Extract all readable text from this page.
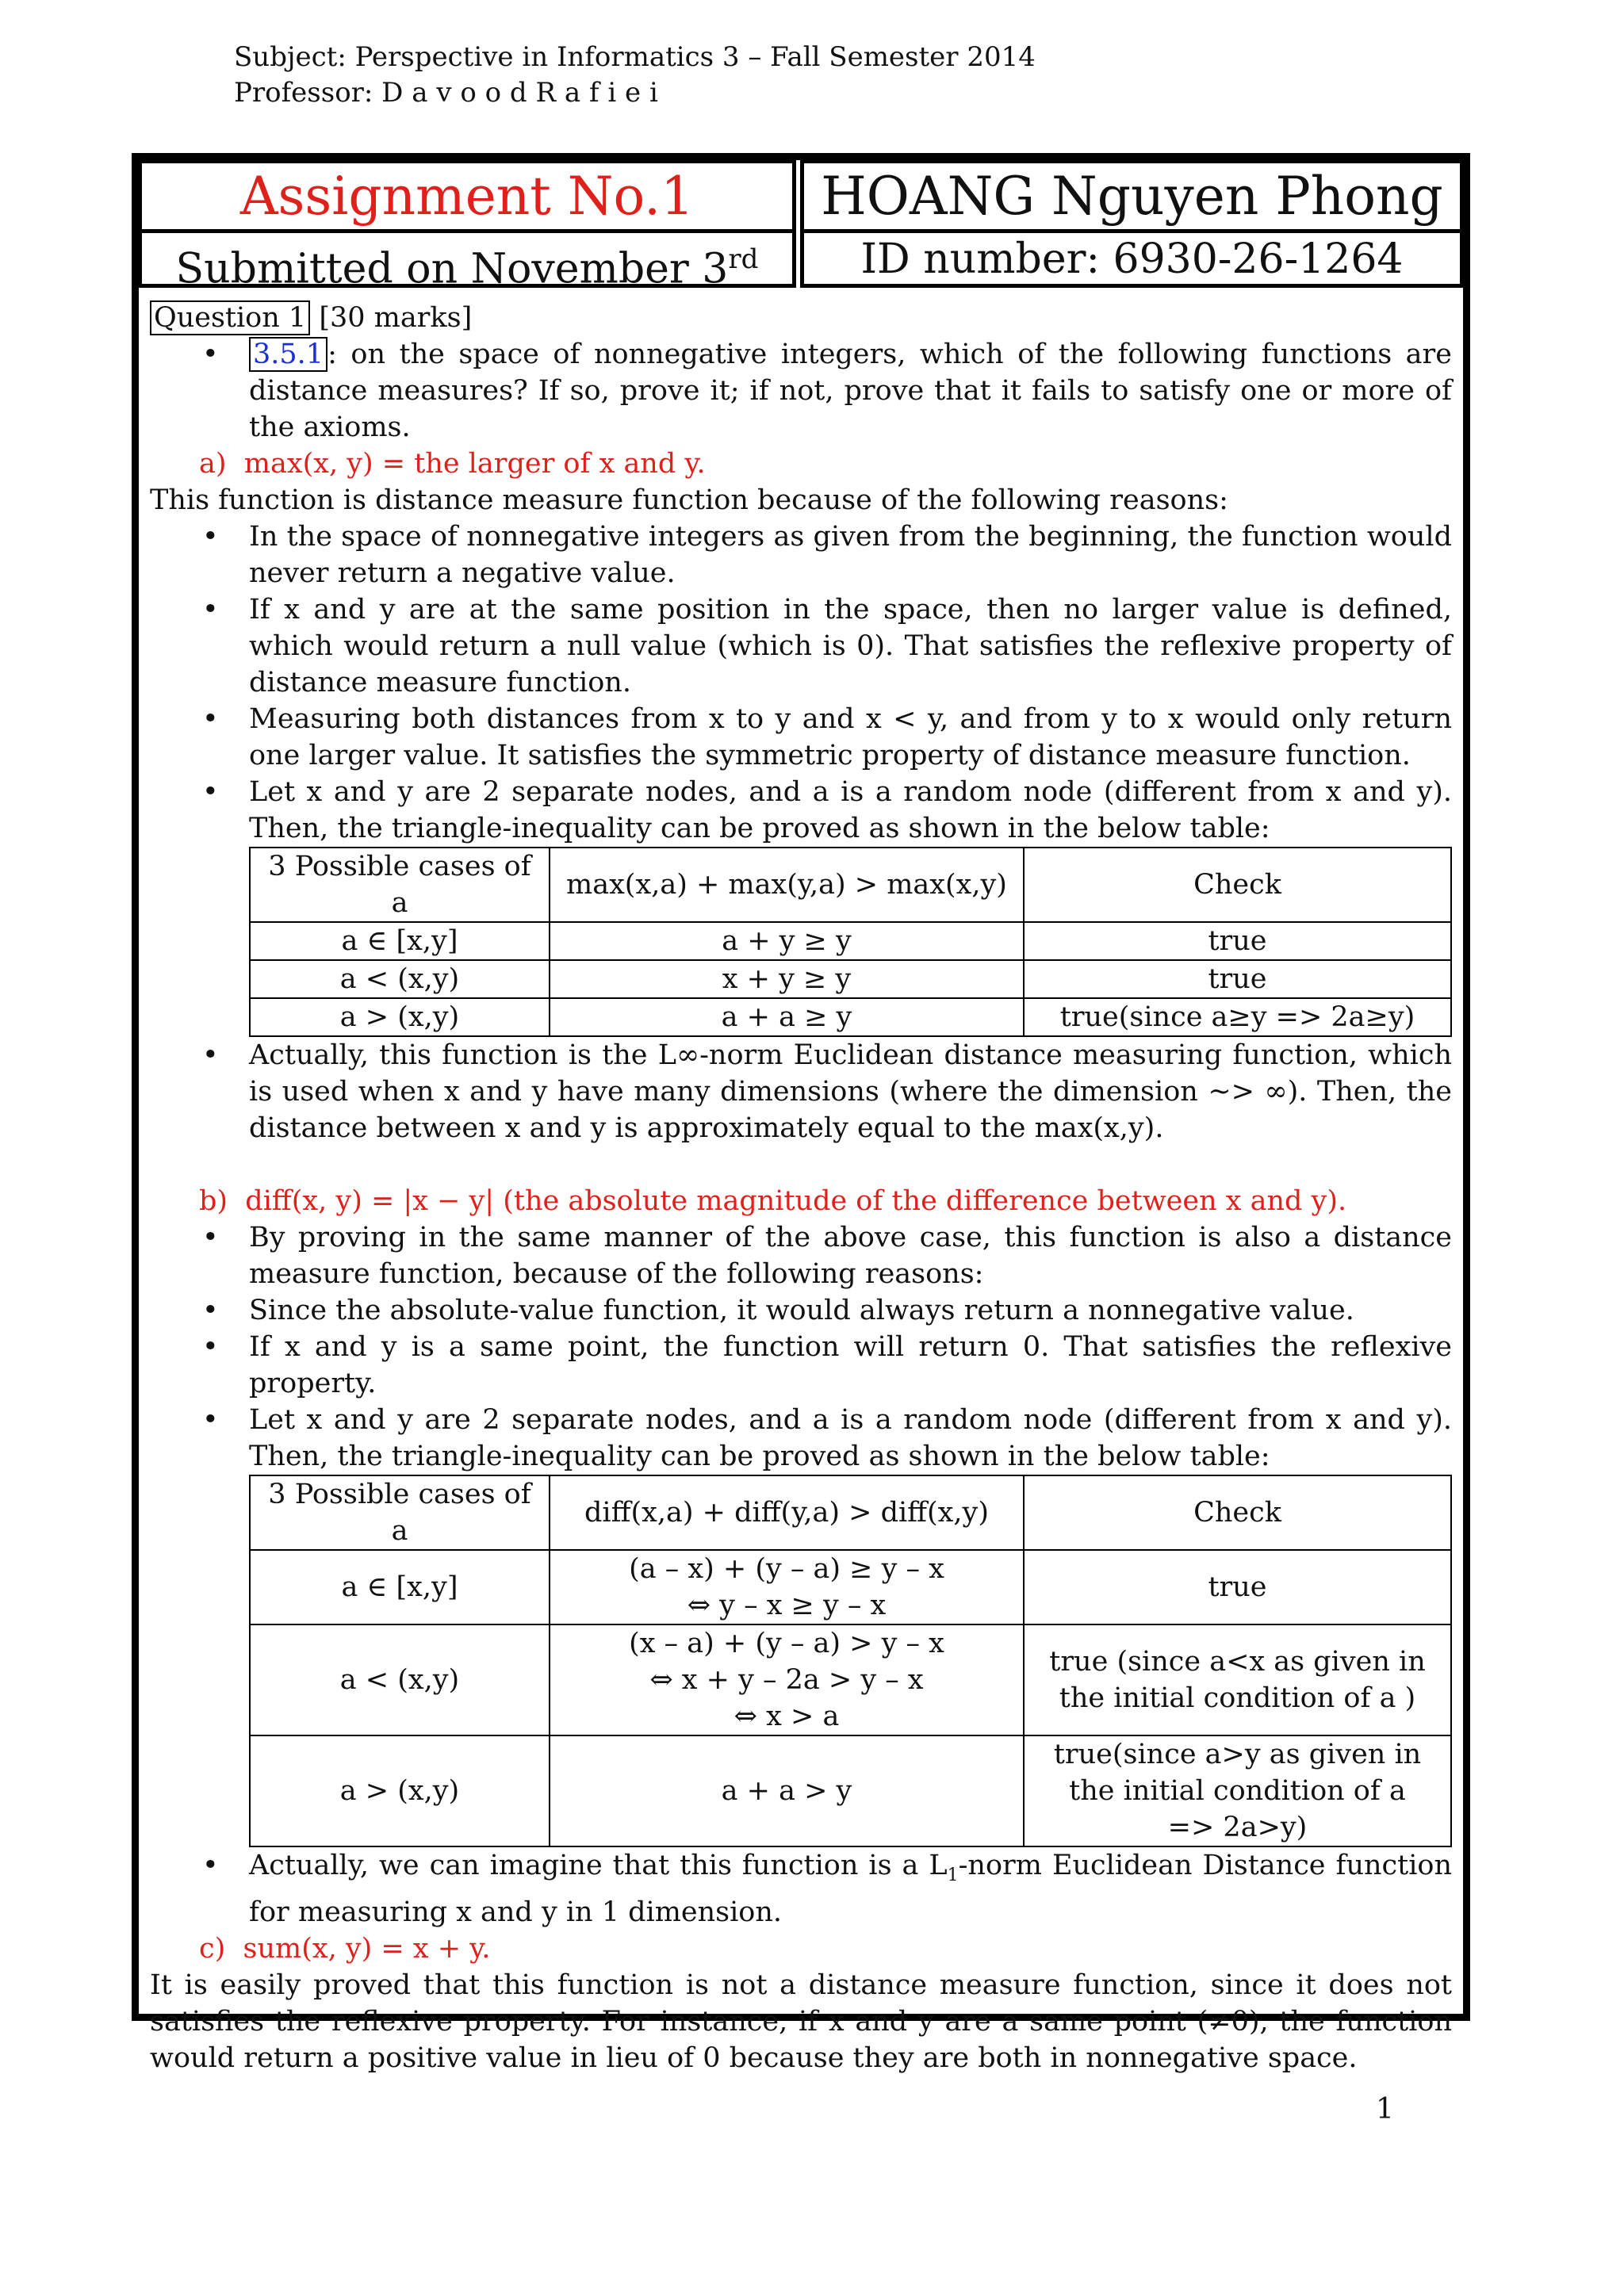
Subject: Perspective in Informatics 3 – Fall Semester 2014
Professor: D a v o o d R a f i e i
Assignment No.1	HOANG Nguyen Phong
Submitted on November 3rd	ID number: 6930-26-1264

Question 1 [30 marks]

• 3.5.1 : on the space of nonnegative integers, which of the following functions are distance measures? If so, prove it; if not, prove that it fails to satisfy one or more of the axioms.

a)  max(x, y) = the larger of x and y.

This function is distance measure function because of the following reasons:

• In the space of nonnegative integers as given from the beginning, the function would never return a negative value.
• If x and y are at the same position in the space, then no larger value is defined, which would return a null value (which is 0). That satisfies the reflexive property of distance measure function.
• Measuring both distances from x to y and x < y, and from y to x would only return one larger value. It satisfies the symmetric property of distance measure function.
• Let x and y are 2 separate nodes, and a is a random node (different from x and y). Then, the triangle-inequality can be proved as shown in the below table:
3 Possible cases of a	max(x,a) + max(y,a) > max(x,y)	Check
a ∈ [x,y]	a + y ≥ y	true
a < (x,y)	x + y ≥ y	true
a > (x,y)	a + a ≥ y	true(since a≥y => 2a≥y)
• Actually, this function is the L∞-norm Euclidean distance measuring function, which is used when x and y have many dimensions (where the dimension ~> ∞). Then, the distance between x and y is approximately equal to the max(x,y).

b)  diff(x, y) = |x − y| (the absolute magnitude of the difference between x and y).

• By proving in the same manner of the above case, this function is also a distance measure function, because of the following reasons:
• Since the absolute-value function, it would always return a nonnegative value.
• If x and y is a same point, the function will return 0. That satisfies the reflexive property.
• Let x and y are 2 separate nodes, and a is a random node (different from x and y). Then, the triangle-inequality can be proved as shown in the below table:
3 Possible cases of a	diff(x,a) + diff(y,a) > diff(x,y)	Check
a ∈ [x,y]	(a – x) + (y – a) ≥ y – x
⇔ y – x ≥ y – x	true

a < (x,y)	(x – a) + (y – a) > y – x
⇔ x + y – 2a > y – x
⇔ x > a	true (since a<x as given in
the initial condition of a )

a > (x,y)	a + a > y	true(since a>y as given in
the initial condition of a
=> 2a>y)
• Actually, we can imagine that this function is a $L_1$-norm Euclidean Distance function for measuring x and y in 1 dimension.

c)  sum(x, y) = x + y.

It is easily proved that this function is not a distance measure function, since it does not satisfies the reflexive property. For instance, if x and y are a same point (≠0), the function would return a positive value in lieu of 0 because they are both in nonnegative space.

1
